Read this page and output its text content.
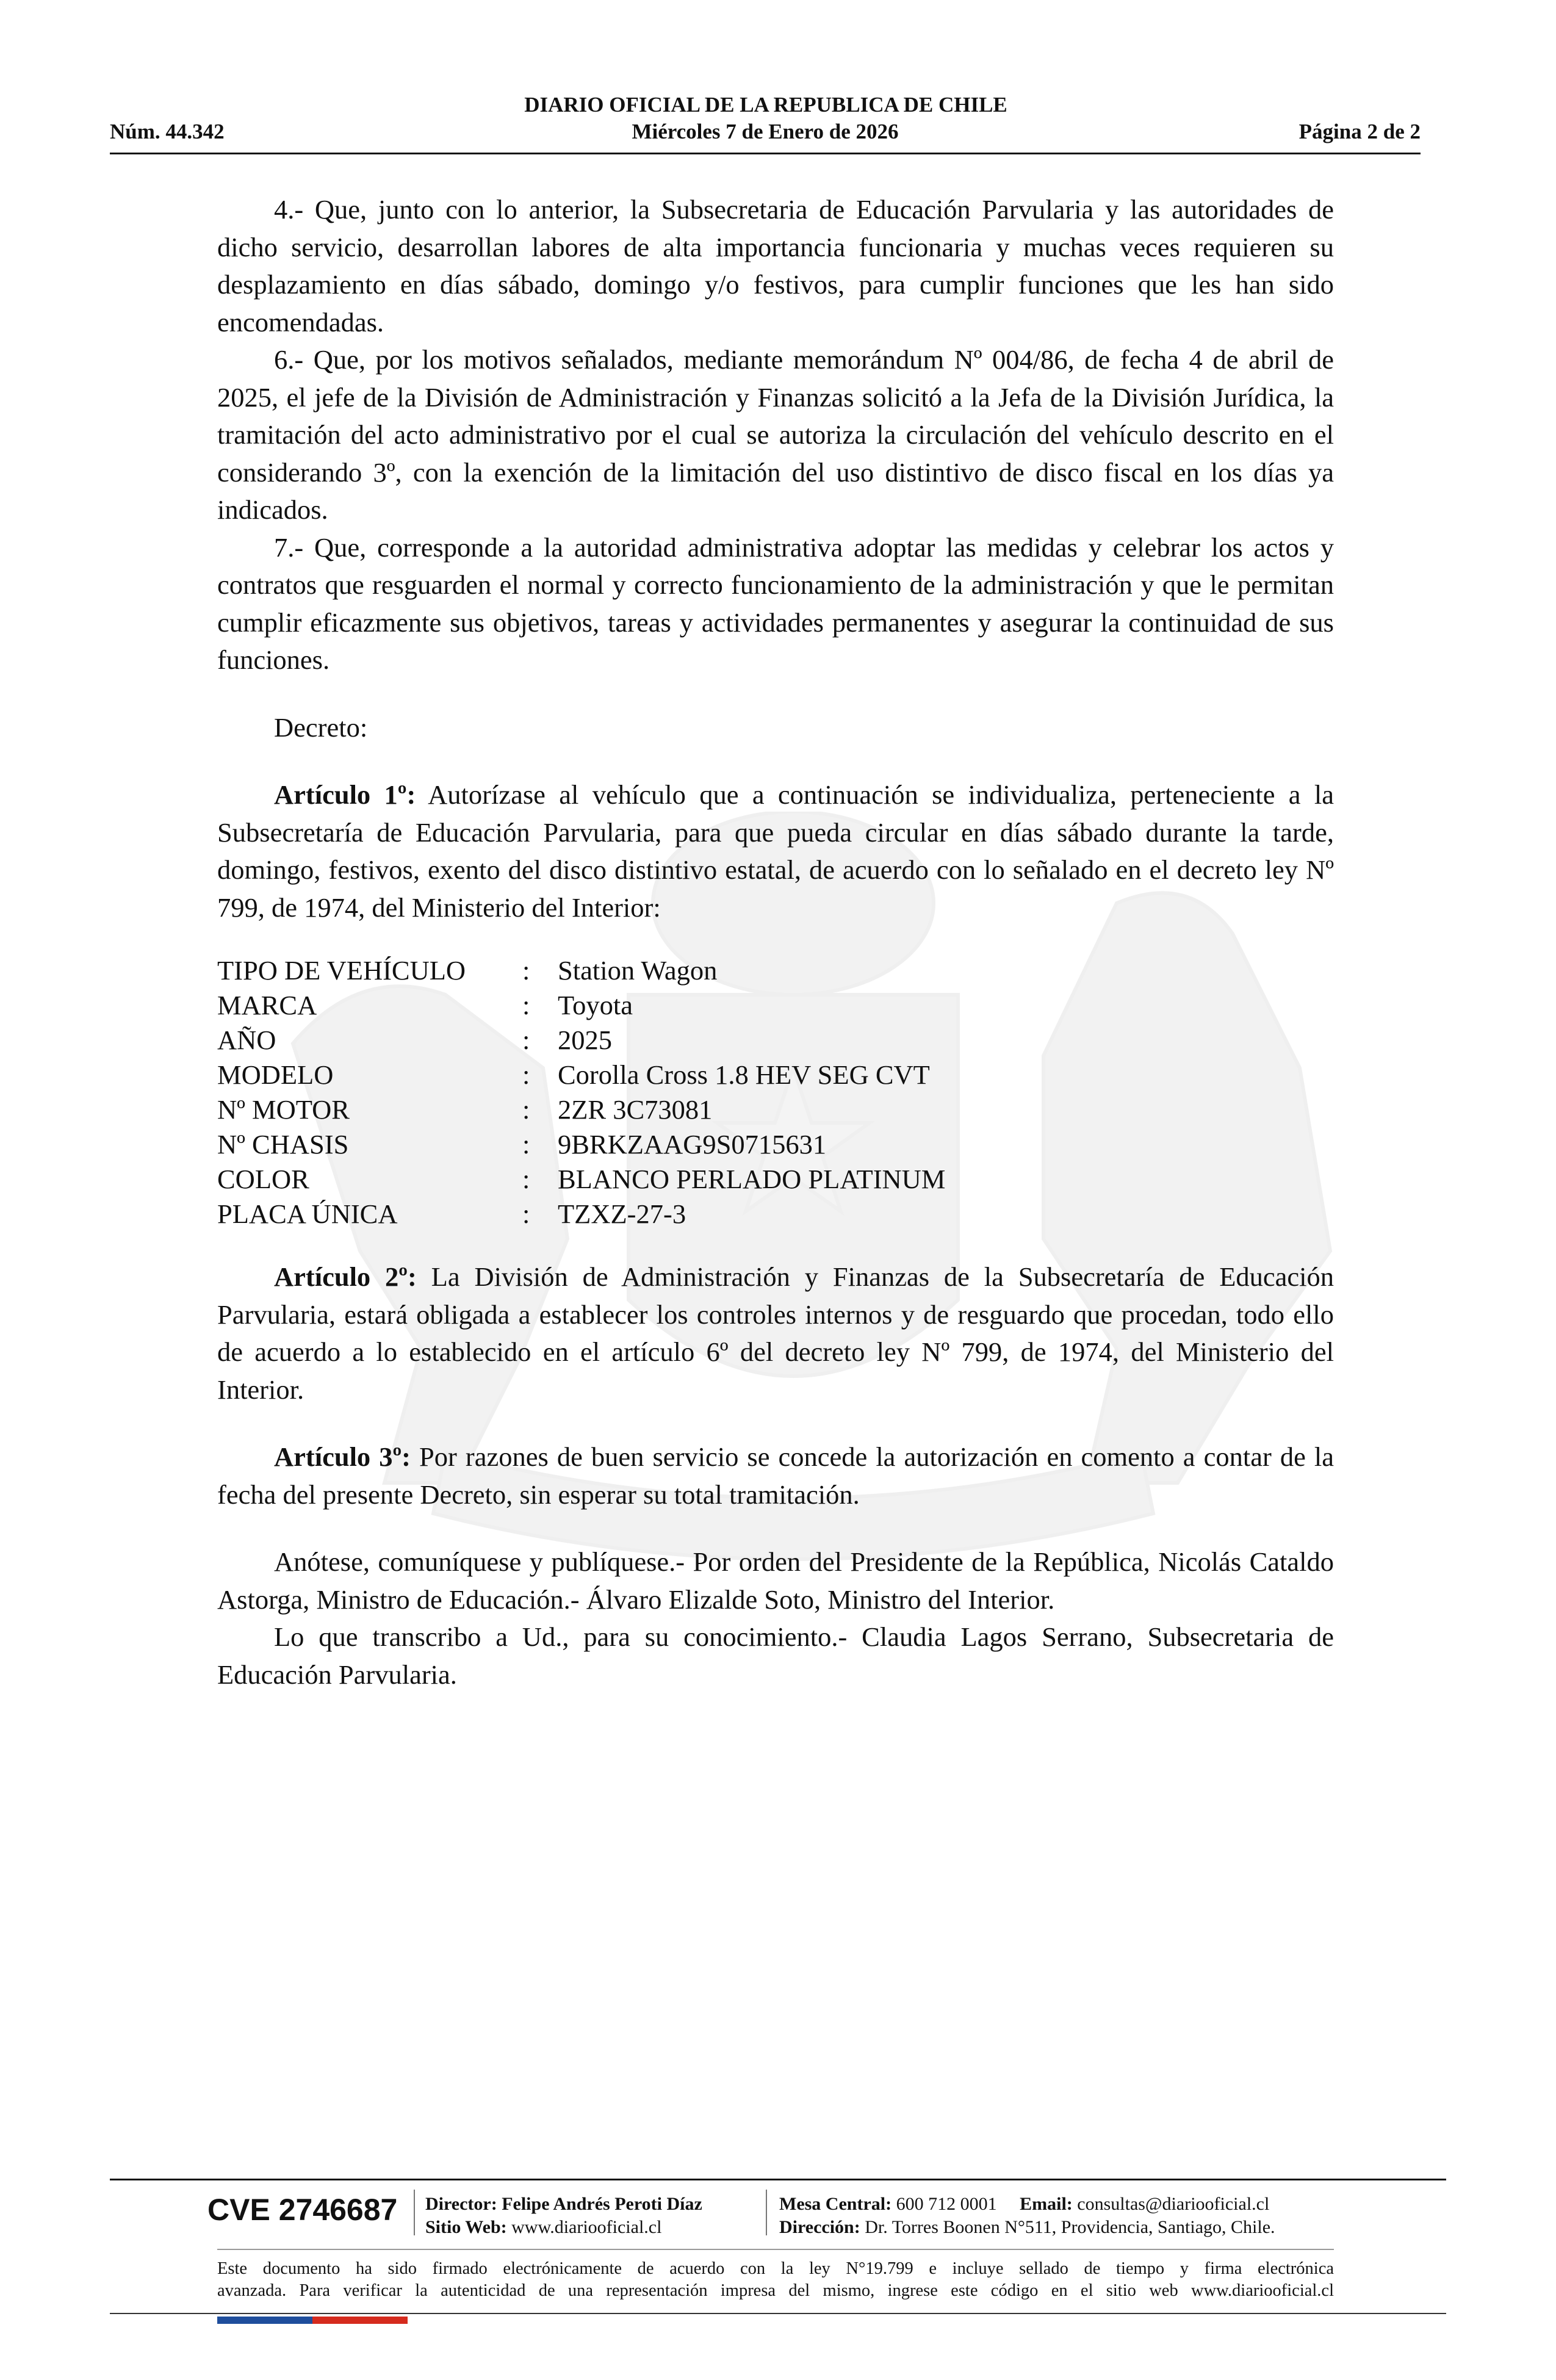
DIARIO OFICIAL DE LA REPUBLICA DE CHILE
Núm. 44.342	Miércoles 7 de Enero de 2026	Página 2 de 2

4.- Que, junto con lo anterior, la Subsecretaria de Educación Parvularia y las autoridades de dicho servicio, desarrollan labores de alta importancia funcionaria y muchas veces requieren su desplazamiento en días sábado, domingo y/o festivos, para cumplir funciones que les han sido encomendadas.

6.- Que, por los motivos señalados, mediante memorándum Nº 004/86, de fecha 4 de abril de 2025, el jefe de la División de Administración y Finanzas solicitó a la Jefa de la División Jurídica, la tramitación del acto administrativo por el cual se autoriza la circulación del vehículo descrito en el considerando 3º, con la exención de la limitación del uso distintivo de disco fiscal en los días ya indicados.

7.- Que, corresponde a la autoridad administrativa adoptar las medidas y celebrar los actos y contratos que resguarden el normal y correcto funcionamiento de la administración y que le permitan cumplir eficazmente sus objetivos, tareas y actividades permanentes y asegurar la continuidad de sus funciones.

Decreto:

Artículo 1º: Autorízase al vehículo que a continuación se individualiza, perteneciente a la Subsecretaría de Educación Parvularia, para que pueda circular en días sábado durante la tarde, domingo, festivos, exento del disco distintivo estatal, de acuerdo con lo señalado en el decreto ley Nº 799, de 1974, del Ministerio del Interior:

TIPO DE VEHÍCULO	:	Station Wagon
MARCA	:	Toyota
AÑO	:	2025
MODELO	:	Corolla Cross 1.8 HEV SEG CVT
Nº MOTOR	:	2ZR 3C73081
Nº CHASIS	:	9BRKZAAG9S0715631
COLOR	:	BLANCO PERLADO PLATINUM
PLACA ÚNICA	:	TZXZ-27-3

Artículo 2º: La División de Administración y Finanzas de la Subsecretaría de Educación Parvularia, estará obligada a establecer los controles internos y de resguardo que procedan, todo ello de acuerdo a lo establecido en el artículo 6º del decreto ley Nº 799, de 1974, del Ministerio del Interior.

Artículo 3º: Por razones de buen servicio se concede la autorización en comento a contar de la fecha del presente Decreto, sin esperar su total tramitación.

Anótese, comuníquese y publíquese.- Por orden del Presidente de la República, Nicolás Cataldo Astorga, Ministro de Educación.- Álvaro Elizalde Soto, Ministro del Interior.

Lo que transcribo a Ud., para su conocimiento.- Claudia Lagos Serrano, Subsecretaria de Educación Parvularia.

CVE 2746687 Director: Felipe Andrés Peroti Díaz
Sitio Web: www.diariooficial.cl
Mesa Central: 600 712 0001 Email: consultas@diariooficial.cl
Dirección: Dr. Torres Boonen N°511, Providencia, Santiago, Chile.
Este documento ha sido firmado electrónicamente de acuerdo con la ley N°19.799 e incluye sellado de tiempo y firma electrónica
avanzada. Para verificar la autenticidad de una representación impresa del mismo, ingrese este código en el sitio web www.diariooficial.cl
